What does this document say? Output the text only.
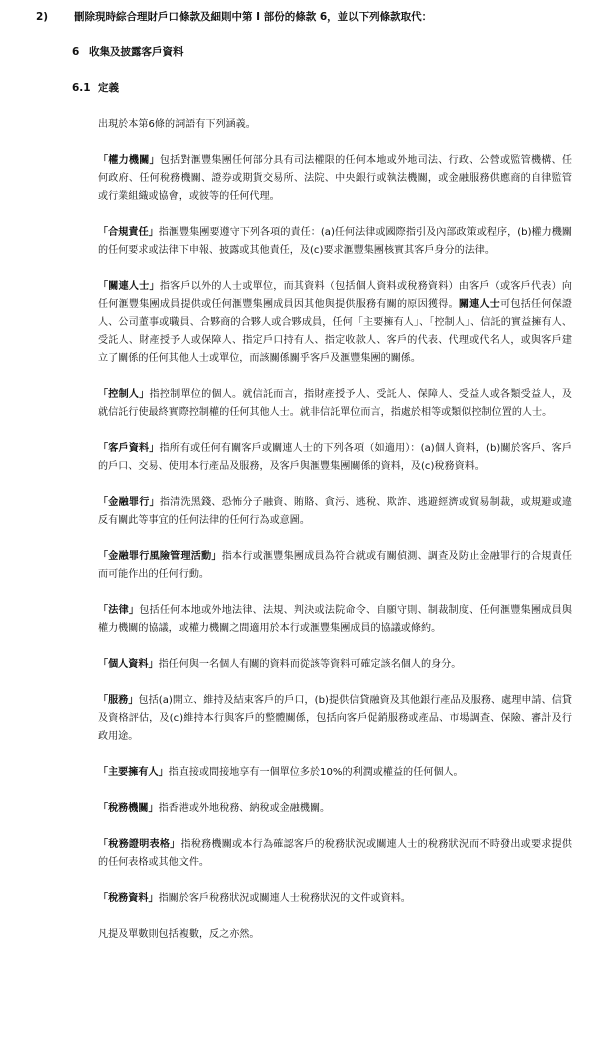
2) 刪除現時綜合理財戶口條款及細則中第 I 部份的條款 6，並以下列條款取代：
6 收集及披露客戶資料
6.1 定義

出現於本第6條的詞語有下列涵義。

「權力機關」包括對滙豐集團任何部分具有司法權限的任何本地或外地司法、行政、公營或監管機構、任何政府、任何稅務機關、證券或期貨交易所、法院、中央銀行或執法機關，或金融服務供應商的自律監管或行業組織或協會，或彼等的任何代理。

「合規責任」指滙豐集團要遵守下列各項的責任：(a)任何法律或國際指引及內部政策或程序，(b)權力機關的任何要求或法律下申報、披露或其他責任，及(c)要求滙豐集團核實其客戶身分的法律。

「關連人士」指客戶以外的人士或單位，而其資料（包括個人資料或稅務資料）由客戶（或客戶代表）向任何滙豐集團成員提供或任何滙豐集團成員因其他與提供服務有關的原因獲得。關連人士可包括任何保證人、公司董事或職員、合夥商的合夥人或合夥成員，任何「主要擁有人」、「控制人」、信託的實益擁有人、受託人、財產授予人或保障人、指定戶口持有人、指定收款人、客戶的代表、代理或代名人，或與客戶建立了關係的任何其他人士或單位，而該關係關乎客戶及滙豐集團的關係。

「控制人」指控制單位的個人。就信託而言，指財產授予人、受託人、保障人、受益人或各類受益人，及就信託行使最終實際控制權的任何其他人士。就非信託單位而言，指處於相等或類似控制位置的人士。

「客戶資料」指所有或任何有關客戶或關連人士的下列各項（如適用）：(a)個人資料，(b)關於客戶、客戶的戶口、交易、使用本行產品及服務，及客戶與滙豐集團關係的資料，及(c)稅務資料。

「金融罪行」指清洗黑錢、恐怖分子融資、賄賂、貪污、逃稅、欺詐、逃避經濟或貿易制裁，或規避或違反有關此等事宜的任何法律的任何行為或意圖。

「金融罪行風險管理活動」指本行或滙豐集團成員為符合就或有關偵測、調查及防止金融罪行的合規責任而可能作出的任何行動。

「法律」包括任何本地或外地法律、法規、判決或法院命令、自願守則、制裁制度、任何滙豐集團成員與權力機關的協議，或權力機關之間適用於本行或滙豐集團成員的協議或條約。

「個人資料」指任何與一名個人有關的資料而從該等資料可確定該名個人的身分。

「服務」包括(a)開立、維持及結束客戶的戶口，(b)提供信貸融資及其他銀行產品及服務、處理申請、信貸及資格評估，及(c)維持本行與客戶的整體關係，包括向客戶促銷服務或產品、市場調查、保險、審計及行政用途。

「主要擁有人」指直接或間接地享有一個單位多於10%的利潤或權益的任何個人。

「稅務機關」指香港或外地稅務、納稅或金融機關。

「稅務證明表格」指稅務機關或本行為確認客戶的稅務狀況或關連人士的稅務狀況而不時發出或要求提供的任何表格或其他文件。

「稅務資料」指關於客戶稅務狀況或關連人士稅務狀況的文件或資料。

凡提及單數則包括複數，反之亦然。
